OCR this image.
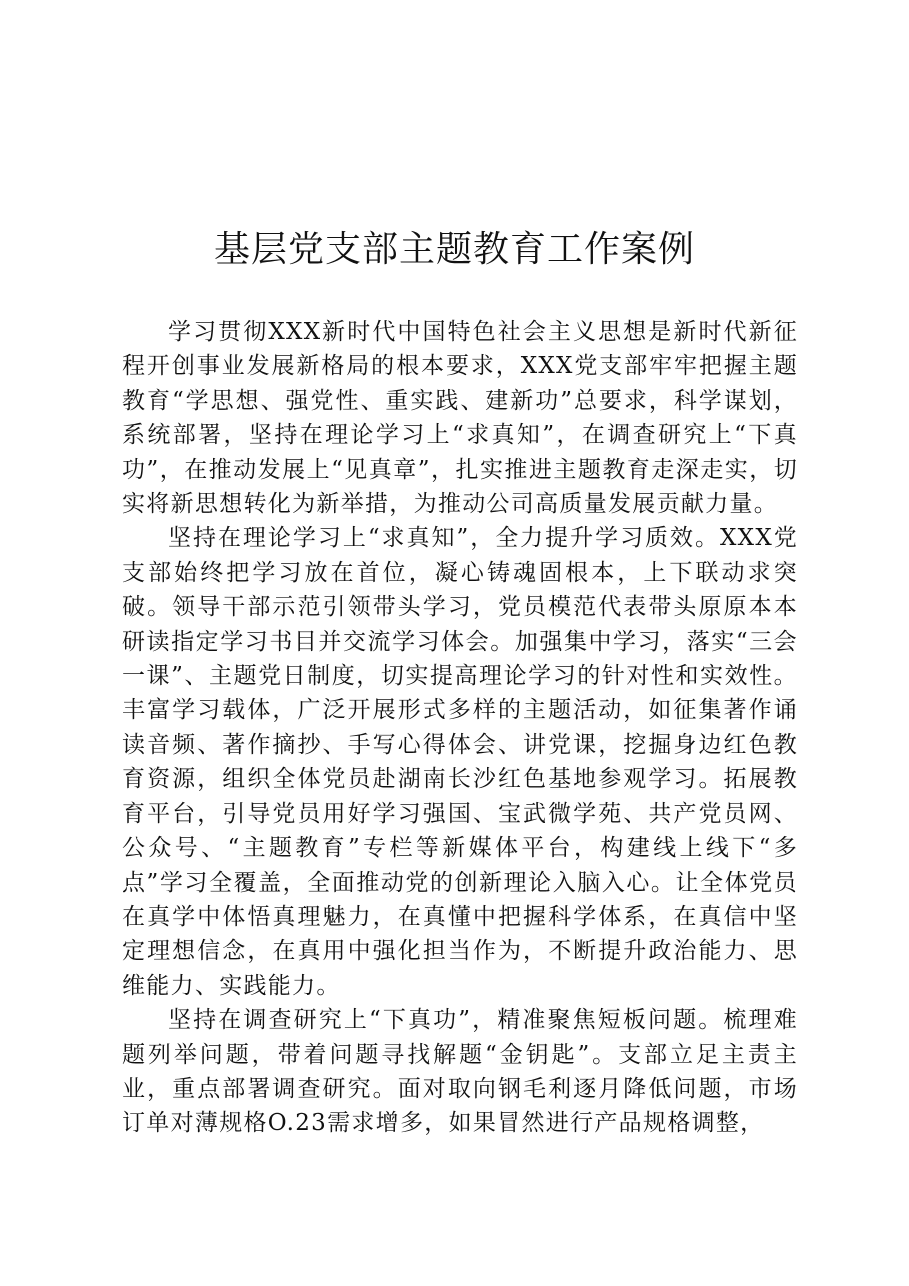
基层党支部主题教育工作案例

学习贯彻XXX新时代中国特色社会主义思想是新时代新征程开创事业发展新格局的根本要求，XXX党支部牢牢把握主题教育“学思想、强党性、重实践、建新功”总要求，科学谋划，系统部署，坚持在理论学习上“求真知”，在调查研究上“下真功”，在推动发展上“见真章”，扎实推进主题教育走深走实，切实将新思想转化为新举措，为推动公司高质量发展贡献力量。

坚持在理论学习上“求真知”，全力提升学习质效。XXX党支部始终把学习放在首位，凝心铸魂固根本，上下联动求突破。领导干部示范引领带头学习，党员模范代表带头原原本本研读指定学习书目并交流学习体会。加强集中学习，落实“三会一课”、主题党日制度，切实提高理论学习的针对性和实效性。丰富学习载体，广泛开展形式多样的主题活动，如征集著作诵读音频、著作摘抄、手写心得体会、讲党课，挖掘身边红色教育资源，组织全体党员赴湖南长沙红色基地参观学习。拓展教育平台，引导党员用好学习强国、宝武微学苑、共产党员网、公众号、“主题教育”专栏等新媒体平台，构建线上线下“多点”学习全覆盖，全面推动党的创新理论入脑入心。让全体党员在真学中体悟真理魅力，在真懂中把握科学体系，在真信中坚定理想信念，在真用中强化担当作为，不断提升政治能力、思维能力、实践能力。

坚持在调查研究上“下真功”，精准聚焦短板问题。梳理难题列举问题，带着问题寻找解题“金钥匙”。支部立足主责主业，重点部署调查研究。面对取向钢毛利逐月降低问题，市场订单对薄规格O.23需求增多，如果冒然进行产品规格调整，
